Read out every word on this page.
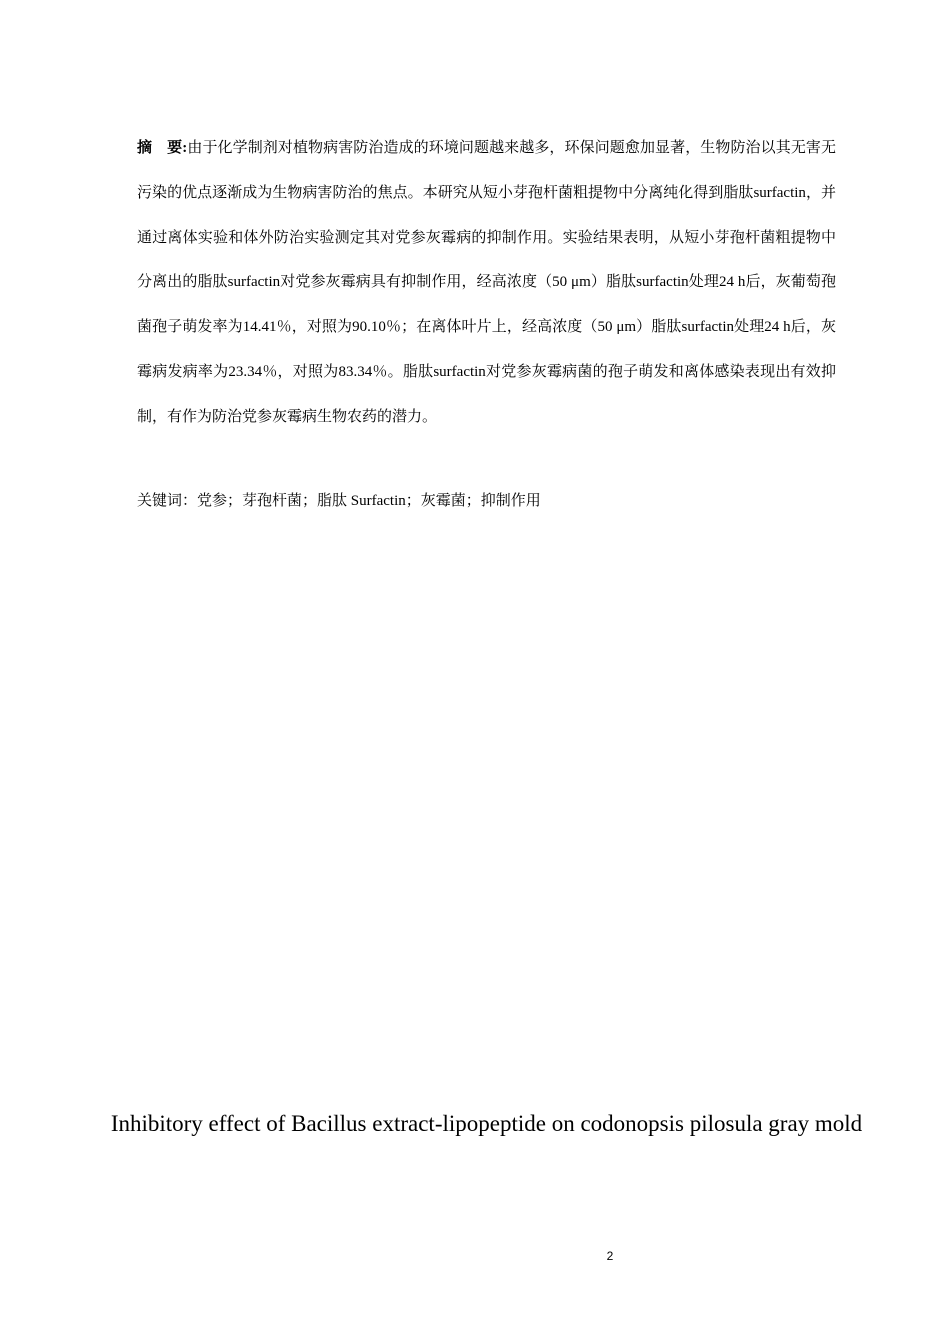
摘　要:由于化学制剂对植物病害防治造成的环境问题越来越多，环保问题愈加显著，生物防治以其无害无污染的优点逐渐成为生物病害防治的焦点。本研究从短小芽孢杆菌粗提物中分离纯化得到脂肽surfactin，并通过离体实验和体外防治实验测定其对党参灰霉病的抑制作用。实验结果表明，从短小芽孢杆菌粗提物中分离出的脂肽surfactin对党参灰霉病具有抑制作用，经高浓度（50 μm）脂肽surfactin处理24 h后，灰葡萄孢菌孢子萌发率为14.41％，对照为90.10％；在离体叶片上，经高浓度（50 μm）脂肽surfactin处理24 h后，灰霉病发病率为23.34％，对照为83.34％。脂肽surfactin对党参灰霉病菌的孢子萌发和离体感染表现出有效抑制，有作为防治党参灰霉病生物农药的潜力。

关键词：党参；芽孢杆菌；脂肽 Surfactin；灰霉菌；抑制作用

Inhibitory effect of Bacillus extract-lipopeptide on codonopsis pilosula gray mold
2
